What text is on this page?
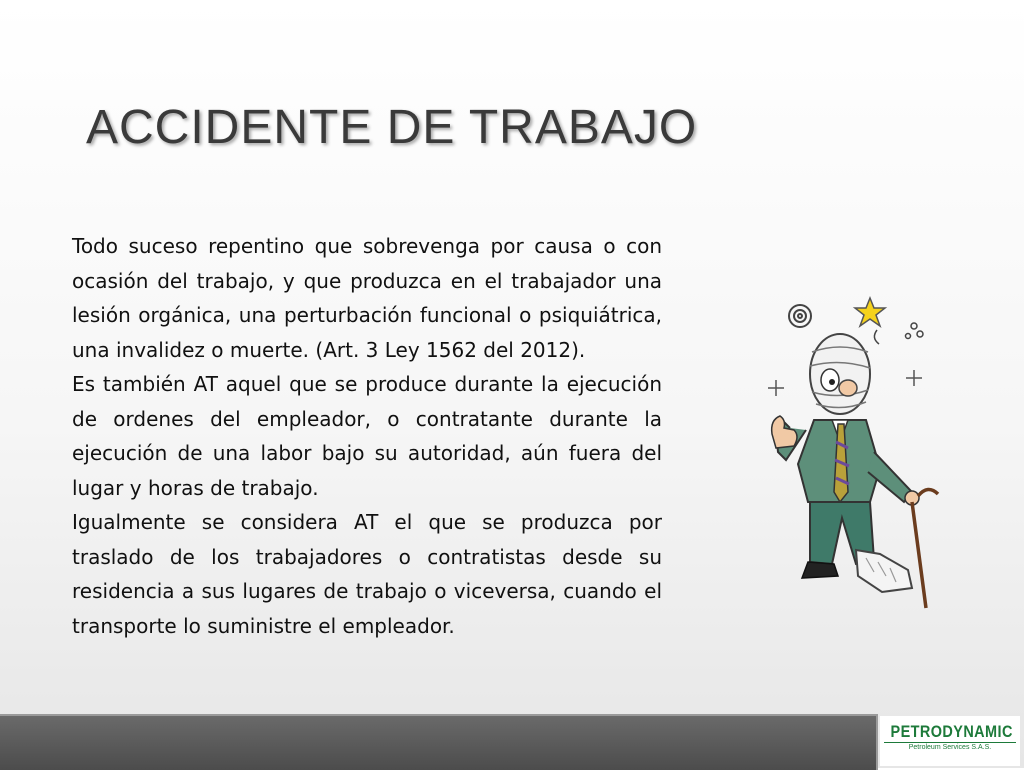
ACCIDENTE DE TRABAJO

Todo suceso repentino que sobrevenga por causa o con ocasión del trabajo, y que produzca en el trabajador una lesión orgánica, una perturbación funcional o psiquiátrica, una invalidez o muerte. (Art. 3 Ley 1562 del 2012).

Es también AT aquel que se produce durante la ejecución de ordenes del empleador, o contratante durante la ejecución de una labor bajo su autoridad, aún fuera del lugar y horas de trabajo.

Igualmente se considera AT el que se produzca por traslado de los trabajadores o contratistas desde su residencia a sus lugares de trabajo o viceversa, cuando el transporte lo suministre el empleador.

PETRODYNAMIC
Petroleum Services S.A.S.
